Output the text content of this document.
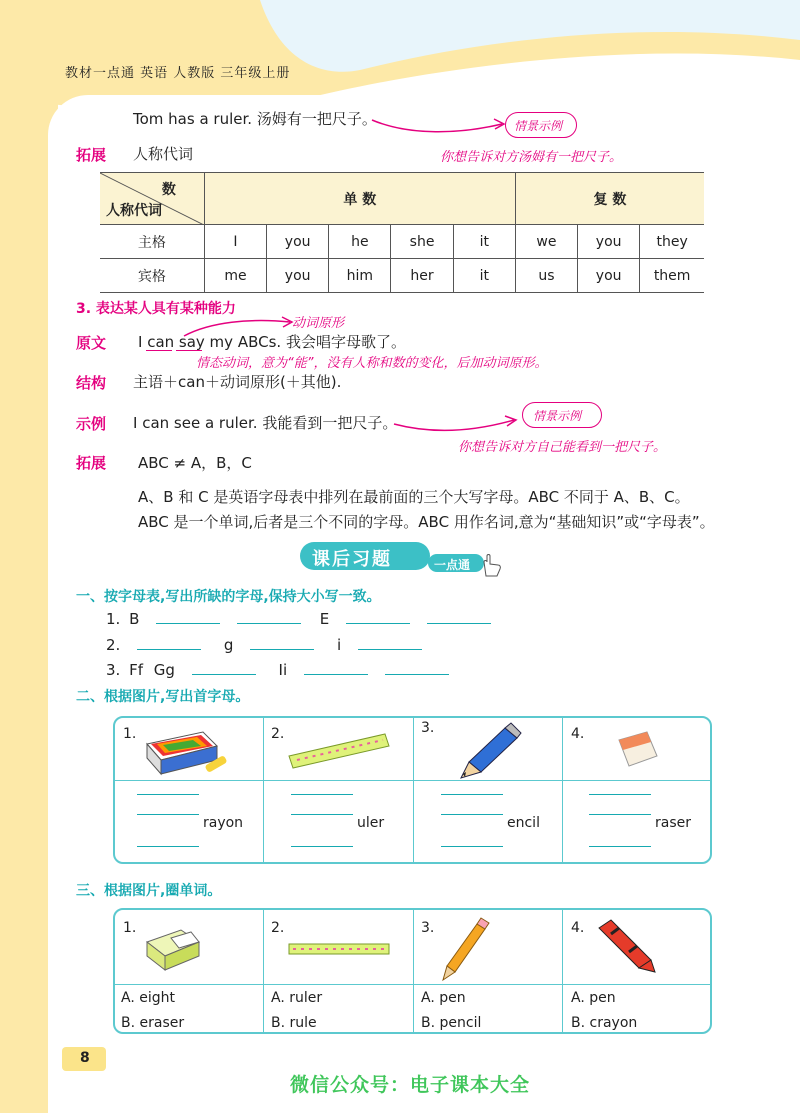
教材一点通 英语 人教版 三年级上册
Tom has a ruler. 汤姆有一把尺子。	情景示例
你想告诉对方汤姆有一把尺子。
拓展 人称代词
数
人称代词	单 数					复 数		
主格	I	you	he	she	it	we	you	they
宾格	me	you	him	her	it	us	you	them
3. 表达某人具有某种能力
动词原形
原文 I can say my ABCs. 我会唱字母歌了。
情态动词，意为“能”，没有人称和数的变化，后加动词原形。
结构 主语＋can＋动词原形(＋其他).
示例 I can see a ruler. 我能看到一把尺子。	情景示例
你想告诉对方自己能看到一把尺子。
拓展 ABC ≠ A，B，C
A、B 和 C 是英语字母表中排列在最前面的三个大写字母。ABC 不同于 A、B、C。
ABC 是一个单词,后者是三个不同的字母。ABC 用作名词,意为“基础知识”或“字母表”。
课后习题	一点通
一、按字母表,写出所缺的字母,保持大小写一致。
1. B	E
2.	g	i
3. Ff Gg	Ii
二、根据图片,写出首字母。
1.
rayon
2.
uler
3.
encil
4.
raser
三、根据图片,圈单词。
1.
A. eight
B. eraser
2.
A. ruler
B. rule
3.
A. pen
B. pencil
4.
A. pen
B. crayon
8
微信公众号：电子课本大全
